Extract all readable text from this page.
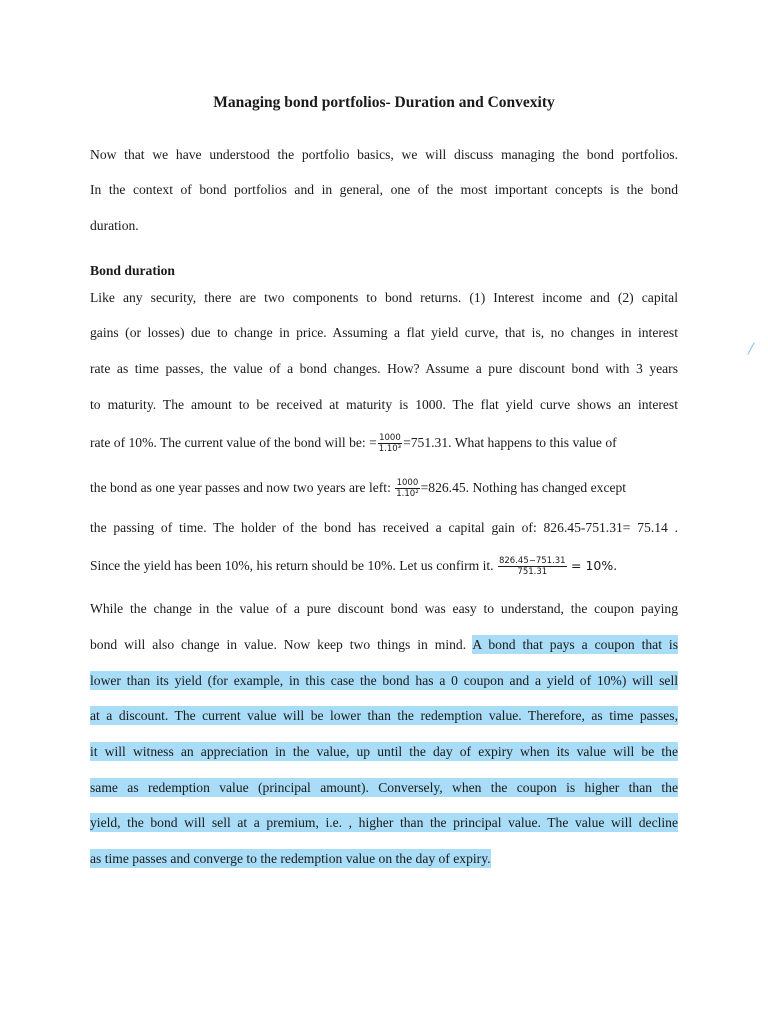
Managing bond portfolios- Duration and Convexity
Now that we have understood the portfolio basics, we will discuss managing the bond portfolios.
In the context of bond portfolios and in general, one of the most important concepts is the bond
duration.
Bond duration
Like any security, there are two components to bond returns. (1) Interest income and (2) capital
gains (or losses) due to change in price. Assuming a flat yield curve, that is, no changes in interest
rate as time passes, the value of a bond changes. How? Assume a pure discount bond with 3 years
to maturity. The amount to be received at maturity is 1000. The flat yield curve shows an interest
rate of 10%. The current value of the bond will be: = $\frac{1000}{\text{1.10³}} =751.31$. What happens to this value of
the bond as one year passes and now two years are left: $\frac{1000}{\text{1.10²}} =826.45$. Nothing has changed except
the passing of time. The holder of the bond has received a capital gain of: 826.45-751.31= 75.14 .
Since the yield has been 10%, his return should be 10%. Let us confirm it. $\frac{826.45-751.31}{751.31} = 10\%$.
While the change in the value of a pure discount bond was easy to understand, the coupon paying
bond will also change in value. Now keep two things in mind. A bond that pays a coupon that is
lower than its yield (for example, in this case the bond has a 0 coupon and a yield of 10%) will sell
at a discount. The current value will be lower than the redemption value. Therefore, as time passes,
it will witness an appreciation in the value, up until the day of expiry when its value will be the
same as redemption value (principal amount). Conversely, when the coupon is higher than the
yield, the bond will sell at a premium, i.e. , higher than the principal value. The value will decline
as time passes and converge to the redemption value on the day of expiry.
